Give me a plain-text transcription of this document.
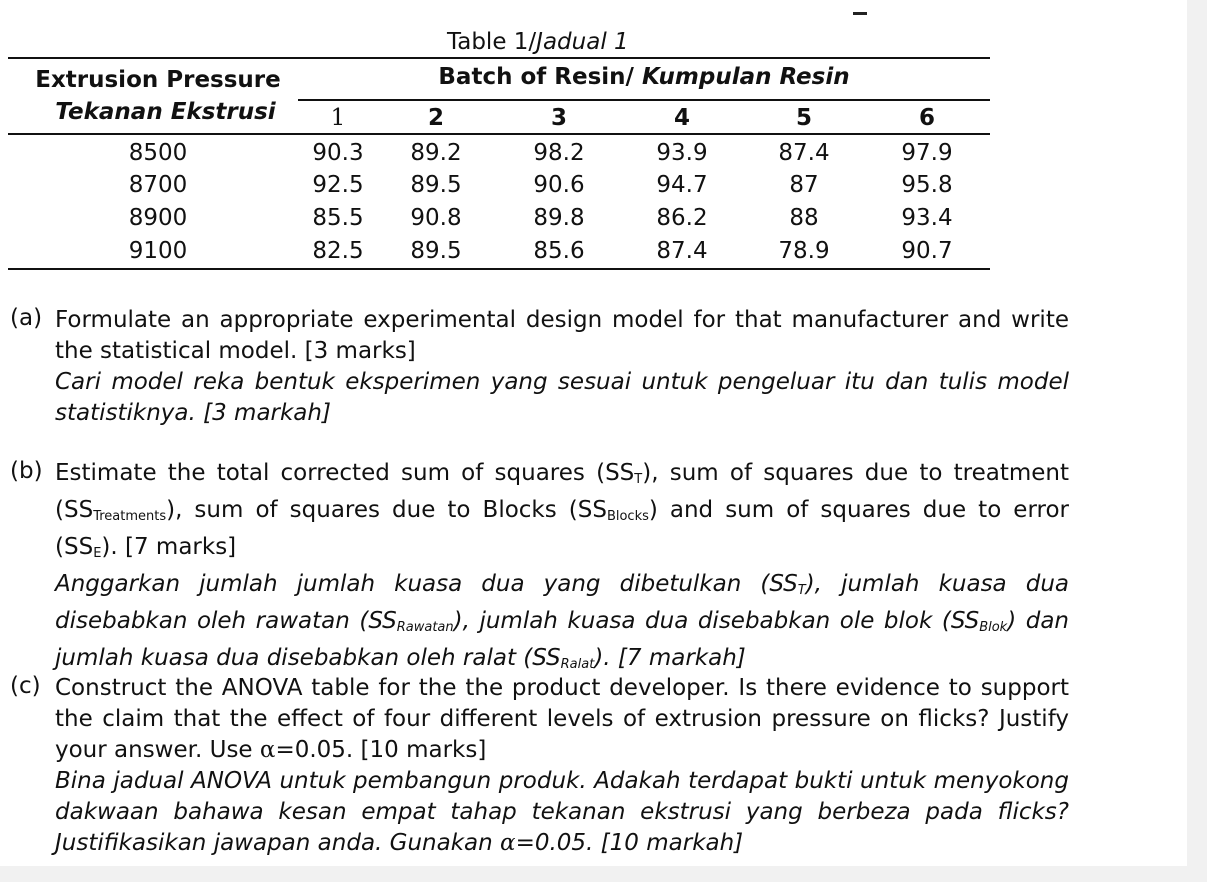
Table 1/Jadual 1
Extrusion Pressure
Tekanan Ekstrusi
Batch of Resin/ Kumpulan Resin
1	2	3	4	5	6
8500	90.3	89.2	98.2	93.9	87.4	97.9
8700	92.5	89.5	90.6	94.7	87	95.8
8900	85.5	90.8	89.8	86.2	88	93.4
9100	82.5	89.5	85.6	87.4	78.9	90.7
(a) Formulate an appropriate experimental design model for that manufacturer and write the statistical model. [3 marks]
Cari model reka bentuk eksperimen yang sesuai untuk pengeluar itu dan tulis model statistiknya. [3 markah]
(b) Estimate the total corrected sum of squares $(SS_T)$, sum of squares due to treatment $(SS_{Treatments})$, sum of squares due to Blocks $(SS_{Blocks})$ and sum of squares due to error $(SS_E)$. [7 marks]
Anggarkan jumlah jumlah kuasa dua yang dibetulkan $(SS_T)$, jumlah kuasa dua disebabkan oleh rawatan $(SS_{Rawatan})$, jumlah kuasa dua disebabkan ole blok $(SS_{Blok})$ dan jumlah kuasa dua disebabkan oleh ralat $(SS_{Ralat})$. [7 markah]
(c) Construct the ANOVA table for the the product developer. Is there evidence to support the claim that the effect of four different levels of extrusion pressure on flicks? Justify your answer. Use α=0.05. [10 marks]
Bina jadual ANOVA untuk pembangun produk. Adakah terdapat bukti untuk menyokong dakwaan bahawa kesan empat tahap tekanan ekstrusi yang berbeza pada flicks? Justifikasikan jawapan anda. Gunakan α=0.05. [10 markah]
